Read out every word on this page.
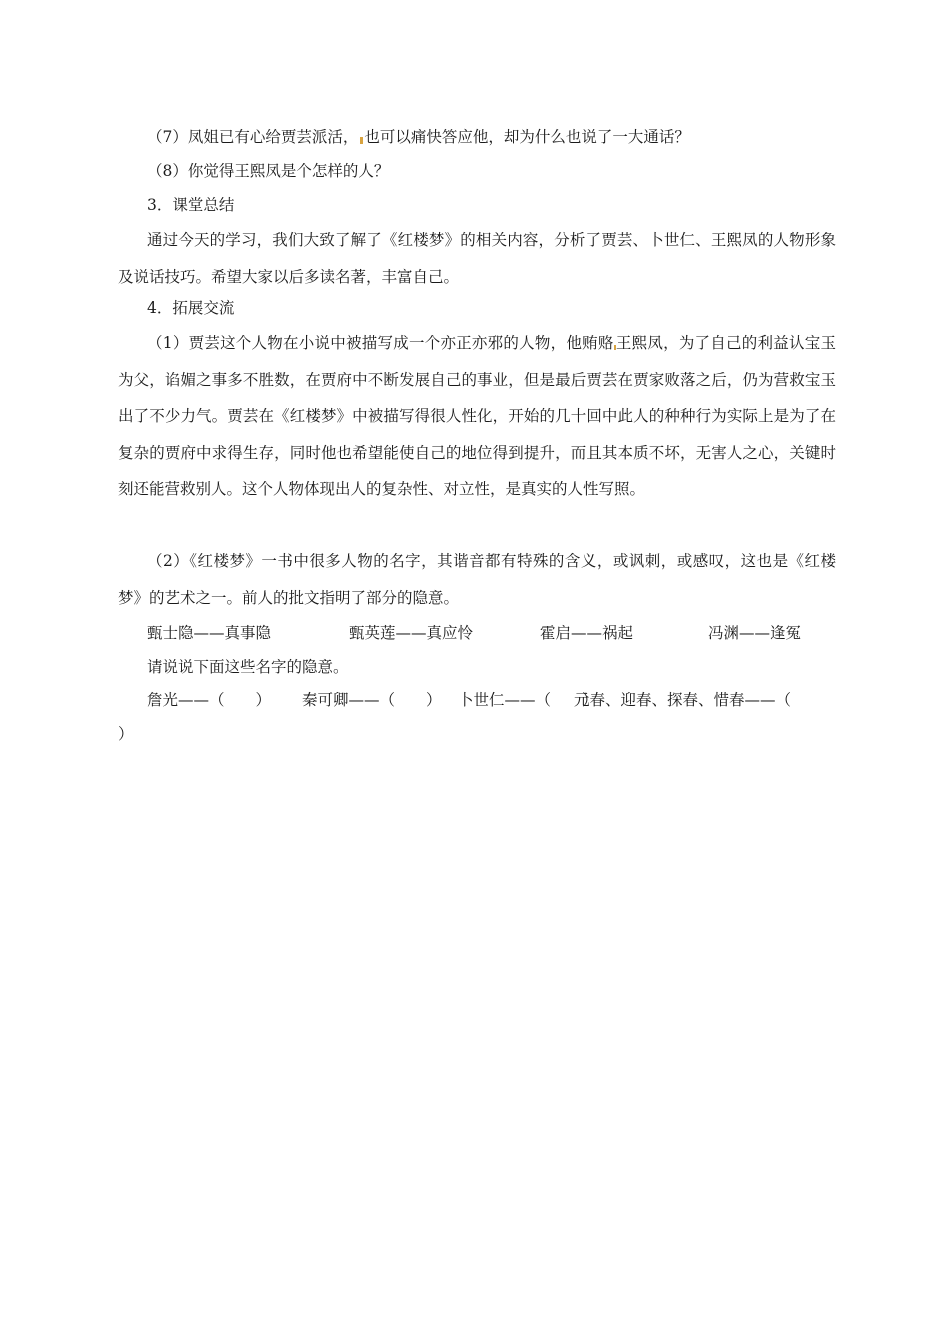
（7）凤姐已有心给贾芸派活， 也可以痛快答应他，却为什么也说了一大通话？
（8）你觉得王熙凤是个怎样的人？
3．课堂总结
通过今天的学习，我们大致了解了《红楼梦》的相关内容，分析了贾芸、卜世仁、王熙凤的人物形象及说话技巧。希望大家以后多读名著，丰富自己。
4．拓展交流
（1）贾芸这个人物在小说中被描写成一个亦正亦邪的人物，他贿赂 王熙凤，为了自己的利益认宝玉为父，谄媚之事多不胜数，在贾府中不断发展自己的事业，但是最后贾芸在贾家败落之后，仍为营救宝玉出了不少力气。贾芸在《红楼梦》中被描写得很人性化，开始的几十回中此人的种种行为实际上是为了在复杂的贾府中求得生存，同时他也希望能使自己的地位得到提升，而且其本质不坏，无害人之心，关键时刻还能营救别人。这个人物体现出人的复杂性、对立性，是真实的人性写照。
（2）《红楼梦》一书中很多人物的名字，其谐音都有特殊的含义，或讽刺，或感叹，这也是《红楼梦》的艺术之一。前人的批文指明了部分的隐意。
甄士隐——真事隐	甄英莲——真应怜	霍启——祸起	冯渊——逢冤
请说说下面这些名字的隐意。
詹光——（　　） 秦可卿——（　　） 卜世仁——（　　）
元春、迎春、探春、惜春——（
）
